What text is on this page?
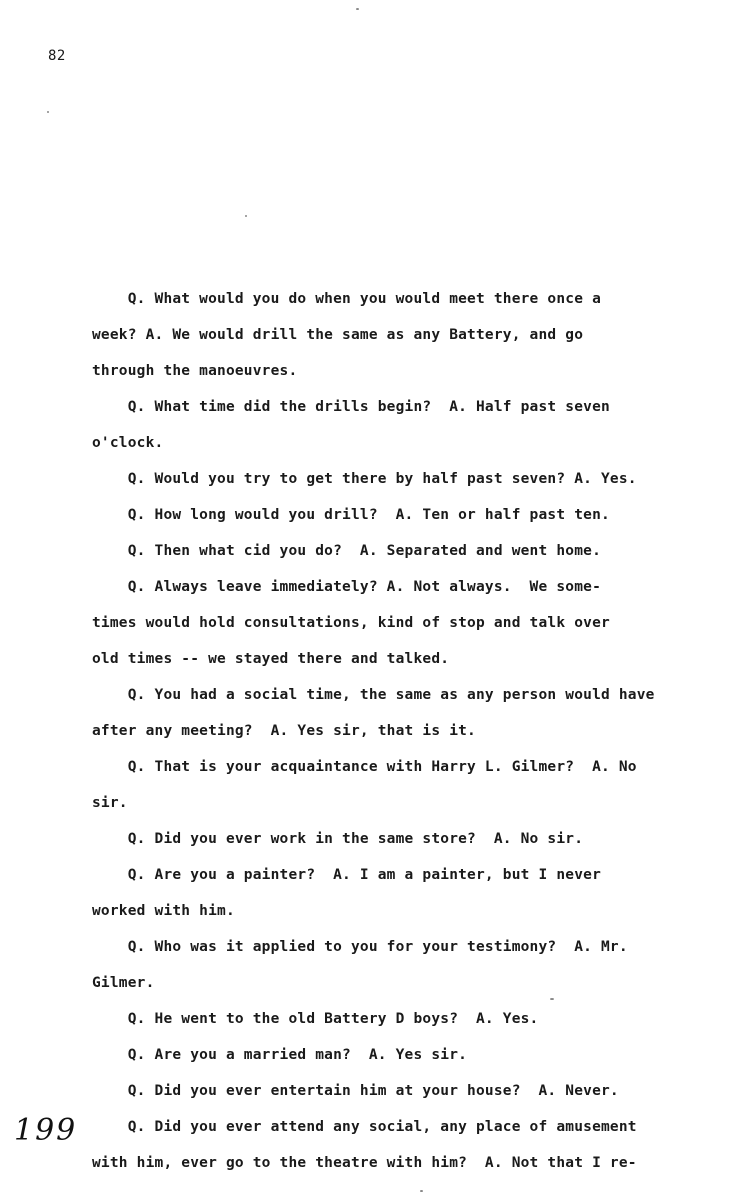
82
Q. What would you do when you would meet there once a
week? A. We would drill the same as any Battery, and go
through the manoeuvres.
Q. What time did the drills begin?  A. Half past seven
o'clock.
Q. Would you try to get there by half past seven? A. Yes.
Q. How long would you drill?  A. Ten or half past ten.
Q. Then what cid you do?  A. Separated and went home.
Q. Always leave immediately? A. Not always.  We some-
times would hold consultations, kind of stop and talk over
old times -- we stayed there and talked.
Q. You had a social time, the same as any person would have
after any meeting?  A. Yes sir, that is it.
Q. That is your acquaintance with Harry L. Gilmer?  A. No
sir.
Q. Did you ever work in the same store?  A. No sir.
Q. Are you a painter?  A. I am a painter, but I never
worked with him.
Q. Who was it applied to you for your testimony?  A. Mr.
Gilmer.
Q. He went to the old Battery D boys?  A. Yes.
Q. Are you a married man?  A. Yes sir.
Q. Did you ever entertain him at your house?  A. Never.
Q. Did you ever attend any social, any place of amusement
with him, ever go to the theatre with him?  A. Not that I re-
199
